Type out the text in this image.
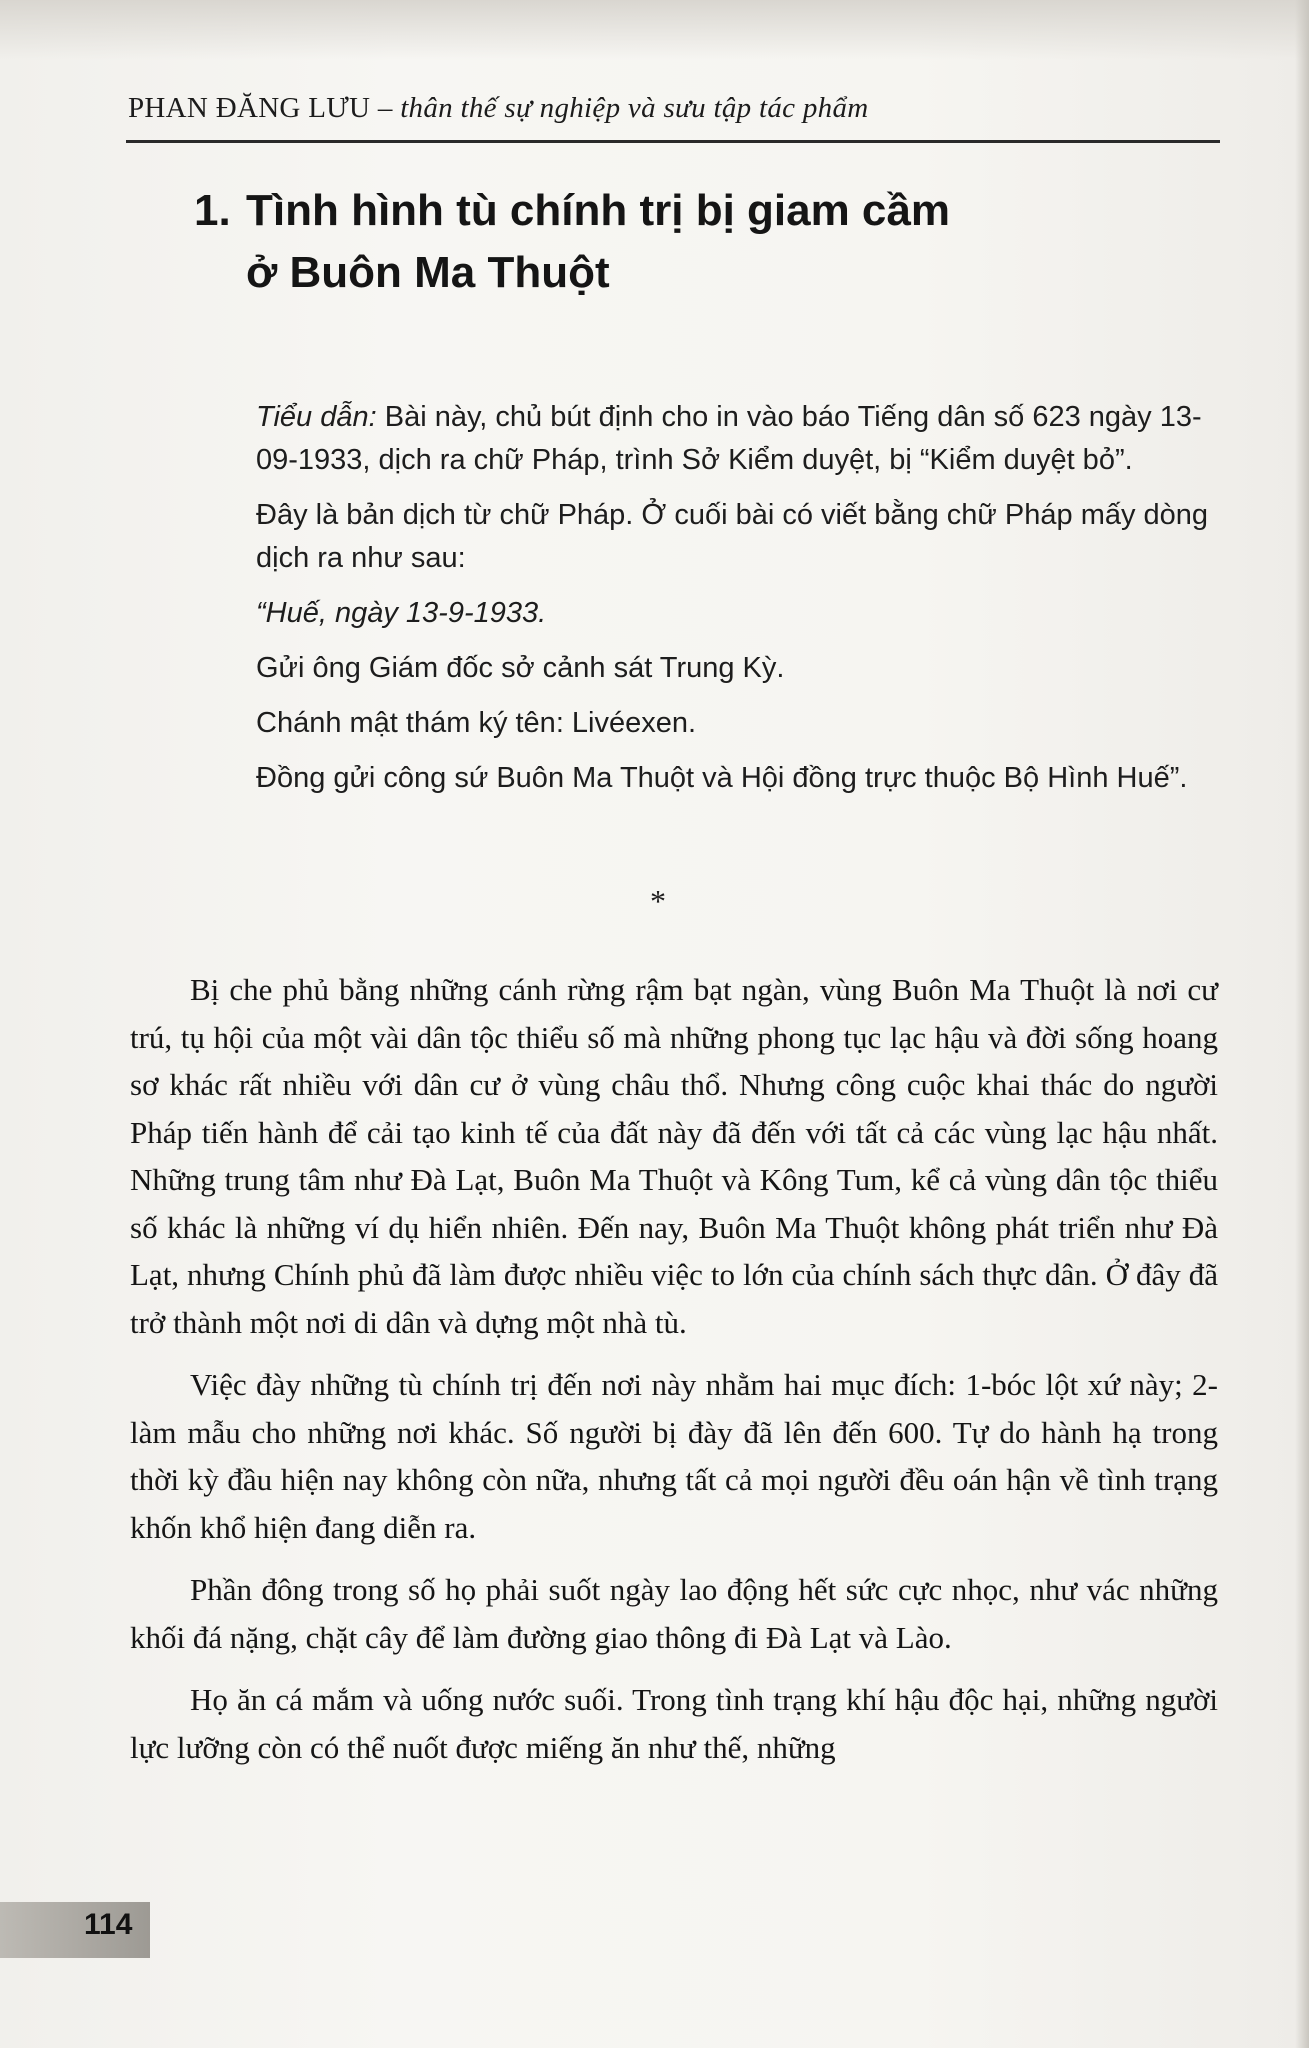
PHAN ĐĂNG LƯU – thân thế sự nghiệp và sưu tập tác phẩm
1. Tình hình tù chính trị bị giam cầm
ở Buôn Ma Thuột

Tiểu dẫn: Bài này, chủ bút định cho in vào báo Tiếng dân số 623 ngày 13-09-1933, dịch ra chữ Pháp, trình Sở Kiểm duyệt, bị “Kiểm duyệt bỏ”.

Đây là bản dịch từ chữ Pháp. Ở cuối bài có viết bằng chữ Pháp mấy dòng dịch ra như sau:

“Huế, ngày 13-9-1933.

Gửi ông Giám đốc sở cảnh sát Trung Kỳ.

Chánh mật thám ký tên: Livéexen.

Đồng gửi công sứ Buôn Ma Thuột và Hội đồng trực thuộc Bộ Hình Huế”.

*

Bị che phủ bằng những cánh rừng rậm bạt ngàn, vùng Buôn Ma Thuột là nơi cư trú, tụ hội của một vài dân tộc thiểu số mà những phong tục lạc hậu và đời sống hoang sơ khác rất nhiều với dân cư ở vùng châu thổ. Nhưng công cuộc khai thác do người Pháp tiến hành để cải tạo kinh tế của đất này đã đến với tất cả các vùng lạc hậu nhất. Những trung tâm như Đà Lạt, Buôn Ma Thuột và Kông Tum, kể cả vùng dân tộc thiểu số khác là những ví dụ hiển nhiên. Đến nay, Buôn Ma Thuột không phát triển như Đà Lạt, nhưng Chính phủ đã làm được nhiều việc to lớn của chính sách thực dân. Ở đây đã trở thành một nơi di dân và dựng một nhà tù.

Việc đày những tù chính trị đến nơi này nhằm hai mục đích: 1-bóc lột xứ này; 2-làm mẫu cho những nơi khác. Số người bị đày đã lên đến 600. Tự do hành hạ trong thời kỳ đầu hiện nay không còn nữa, nhưng tất cả mọi người đều oán hận về tình trạng khốn khổ hiện đang diễn ra.

Phần đông trong số họ phải suốt ngày lao động hết sức cực nhọc, như vác những khối đá nặng, chặt cây để làm đường giao thông đi Đà Lạt và Lào.

Họ ăn cá mắm và uống nước suối. Trong tình trạng khí hậu độc hại, những người lực lưỡng còn có thể nuốt được miếng ăn như thế, những

114
